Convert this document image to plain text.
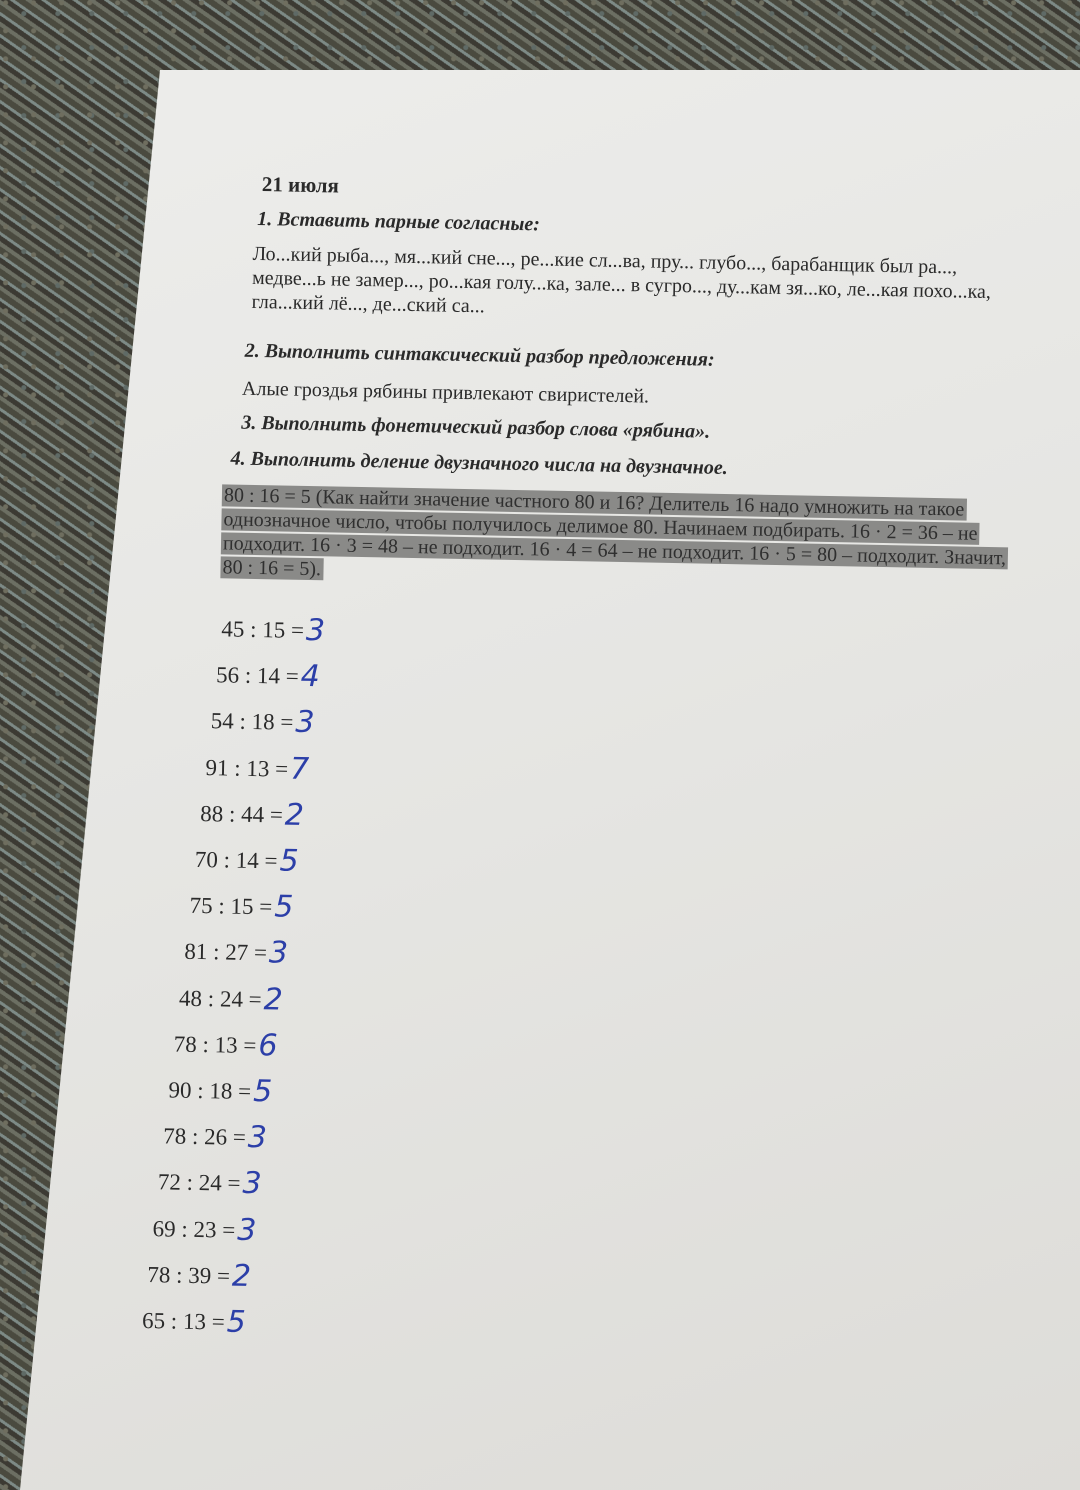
21 июля
1. Вставить парные согласные:
Ло...кий рыба..., мя...кий сне..., ре...кие сл...ва, пру... глубо..., барабанщик был ра..., медве...ь не замер..., ро...кая голу...ка, зале... в сугро..., ду...кам зя...ко, ле...кая похо...ка, гла...кий лё..., де...ский са...
2. Выполнить синтаксический разбор предложения:
Алые гроздья рябины привлекают свиристелей.
3. Выполнить фонетический разбор слова «рябина».
4. Выполнить деление двузначного числа на двузначное.
80 : 16 = 5 (Как найти значение частного 80 и 16? Делитель 16 надо умножить на такое однозначное число, чтобы получилось делимое 80. Начинаем подбирать. 16 · 2 = 36 – не подходит. 16 · 3 = 48 – не подходит. 16 · 4 = 64 – не подходит. 16 · 5 = 80 – подходит. Значит, 80 : 16 = 5).
45 : 15 =3
56 : 14 =4
54 : 18 =3
91 : 13 =7
88 : 44 =2
70 : 14 =5
75 : 15 =5
81 : 27 =3
48 : 24 =2
78 : 13 =6
90 : 18 =5
78 : 26 =3
72 : 24 =3
69 : 23 =3
78 : 39 =2
65 : 13 =5
